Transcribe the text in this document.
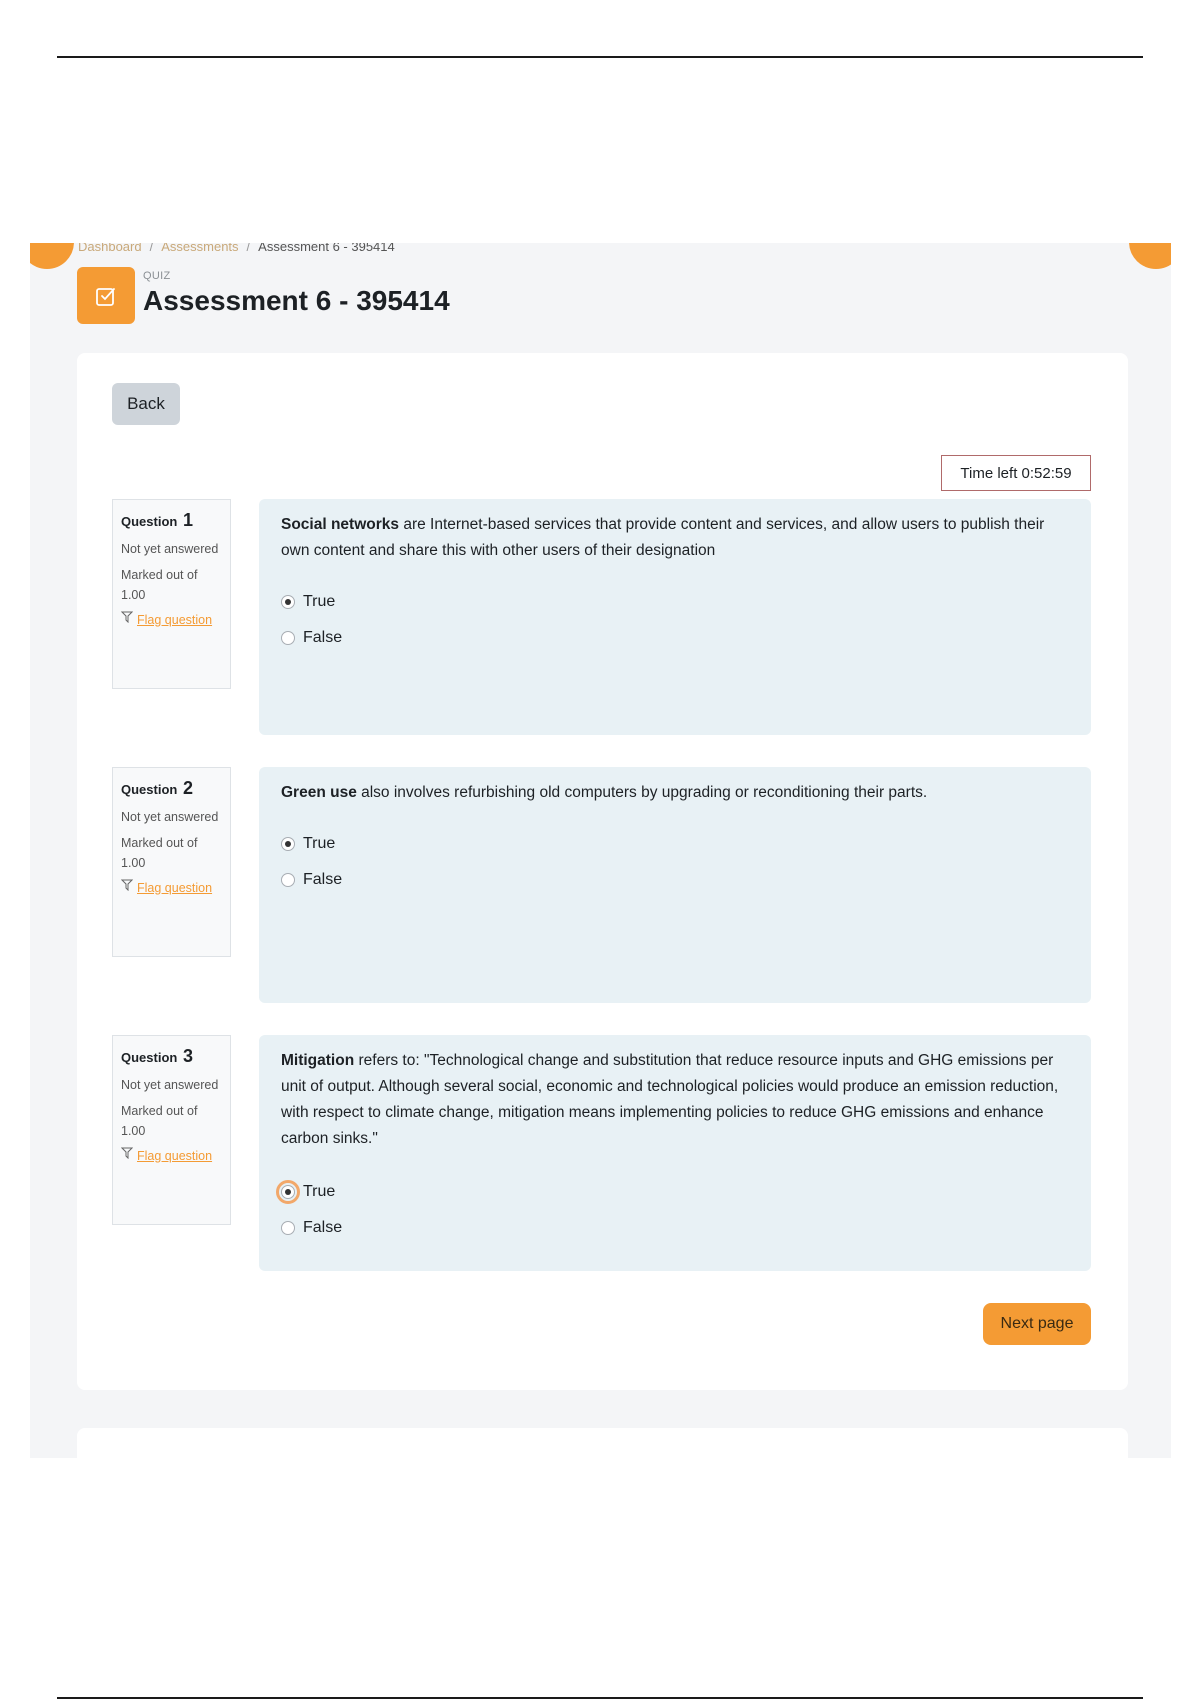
Dashboard / Assessments / Assessment 6 - 395414
QUIZ
Assessment 6 - 395414
Back
Time left 0:52:59
Question 1
Not yet answered
Marked out of 1.00
Flag question

Social networks are Internet-based services that provide content and services, and allow users to publish their own content and share this with other users of their designation

True
False
Question 2
Not yet answered
Marked out of 1.00
Flag question

Green use also involves refurbishing old computers by upgrading or reconditioning their parts.

True
False
Question 3
Not yet answered
Marked out of 1.00
Flag question

Mitigation refers to: "Technological change and substitution that reduce resource inputs and GHG emissions per unit of output. Although several social, economic and technological policies would produce an emission reduction, with respect to climate change, mitigation means implementing policies to reduce GHG emissions and enhance carbon sinks."

True
False
Next page
